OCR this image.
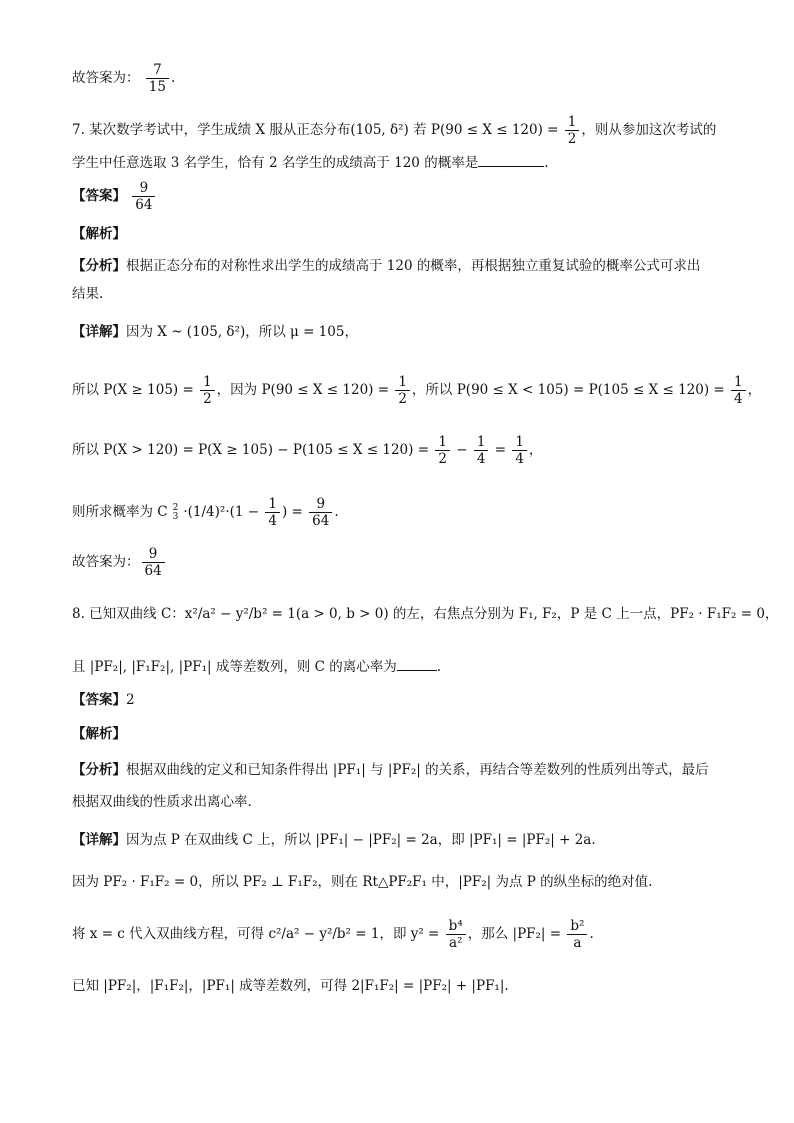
故答案为： $\frac{7}{15}$ .
7. 某次数学考试中，学生成绩 X 服从正态分布(105, δ²) 若 $P(90 \le X \le 120) = \frac{1}{2}$ ，则从参加这次考试的
学生中任意选取 3 名学生，恰有 2 名学生的成绩高于 120 的概率是	.
【答案】 $\frac{9}{64}$
【解析】
【分析】根据正态分布的对称性求出学生的成绩高于 120 的概率，再根据独立重复试验的概率公式可求出
结果.
【详解】因为 X ~ (105, δ²)，所以 μ = 105，
所以 $P(X \ge 105) = \frac{1}{2}$ ，因为 $P(90 \le X \le 120) = \frac{1}{2}$ ，所以 $P(90 \le X < 105) = P(105 \le X \le 120) = \frac{1}{4}$ ，
所以 $P(X > 120) = P(X \ge 105) - P(105 \le X \le 120) = \frac{1}{2} - \frac{1}{4} = \frac{1}{4}$ ，
则所求概率为 C 2
$3 \cdot(1/4)^2\cdot(1 - \frac{1}{4}$ ) = $\frac{9}{64}$ .
故答案为： $\frac{9}{64}$
8. 已知双曲线 C：x²/a² − y²/b² = 1(a > 0, b > 0) 的左，右焦点分别为 F₁, F₂，P 是 C 上一点，PF₂ · F₁F₂ = 0，
且 |PF₂|, |F₁F₂|, |PF₁| 成等差数列，则 C 的离心率为	.
【答案】2
【解析】
【分析】根据双曲线的定义和已知条件得出 |PF₁| 与 |PF₂| 的关系，再结合等差数列的性质列出等式，最后
根据双曲线的性质求出离心率.
【详解】因为点 P 在双曲线 C 上，所以 |PF₁| − |PF₂| = 2a，即 |PF₁| = |PF₂| + 2a.
因为 PF₂ · F₁F₂ = 0，所以 PF₂ ⊥ F₁F₂，则在 Rt△PF₂F₁ 中，|PF₂| 为点 P 的纵坐标的绝对值.
将 x = c 代入双曲线方程，可得 c²/a² − y²/b² = 1，即 $y^2 = \frac{\text{b⁴}}{\text{a²}}$ ，那么 $|PF_2| = \frac{\text{b²}}{a}$ .
已知 |PF₂|，|F₁F₂|，|PF₁| 成等差数列，可得 2|F₁F₂| = |PF₂| + |PF₁|.
